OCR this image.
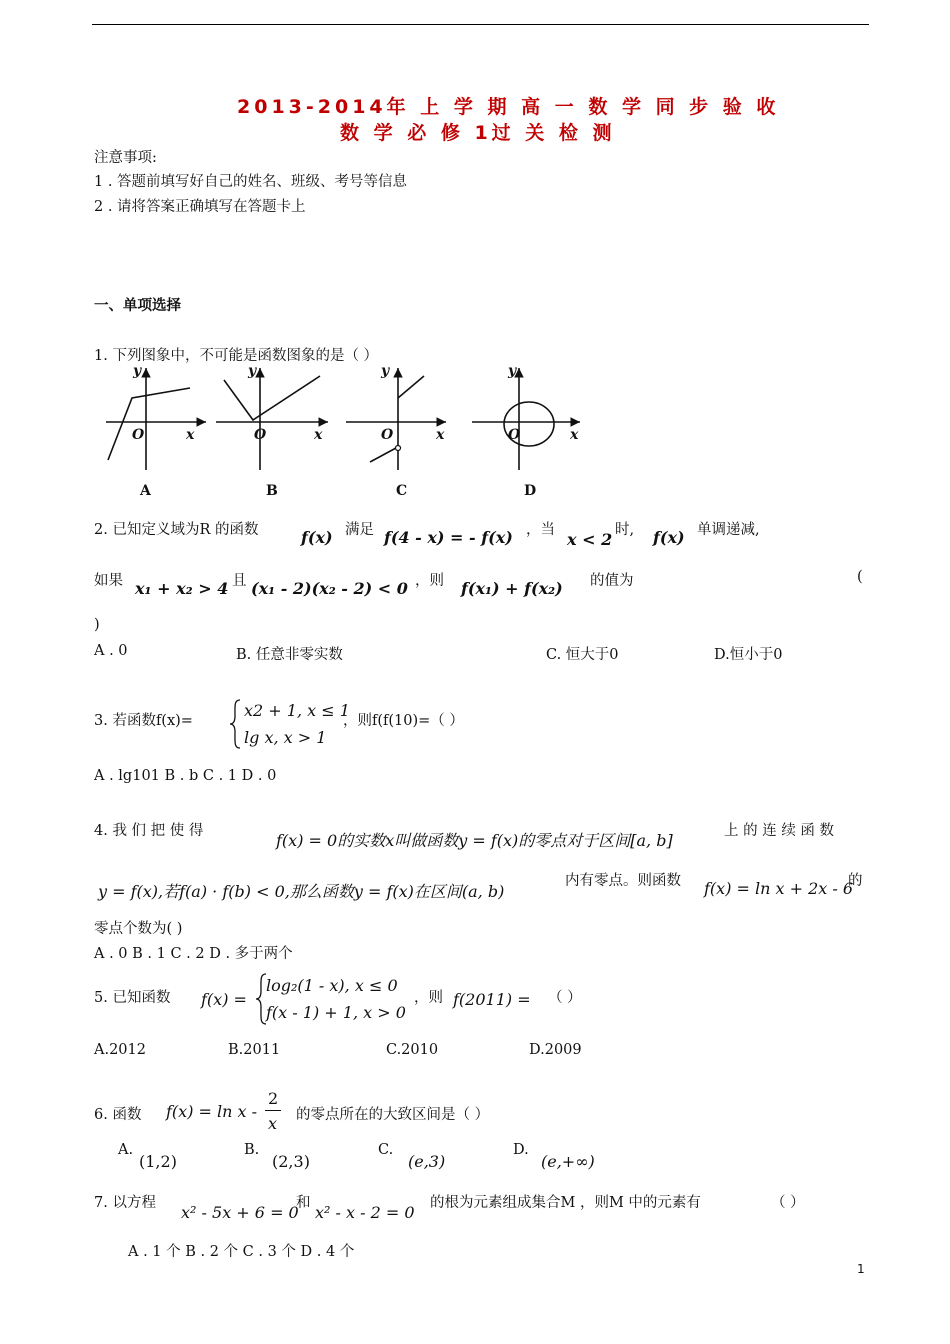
2013-2014年 上 学 期 高 一 数 学 同 步 验 收
数 学 必 修 1过 关 检 测
注意事项:
1 . 答题前填写好自己的姓名、班级、考号等信息
2 . 请将答案正确填写在答题卡上
一、单项选择
1. 下列图象中，不可能是函数图象的是（ ）
y
x
O
y
x
O
y
x
O
y
x
O
A	B	C	D
2. 已知定义域为R 的函数	f(x) 满足 f(4 - x) = - f(x) ，当 x < 2 时, f(x) 单调递减,
如果 x₁ + x₂ > 4 且 (x₁ - 2)(x₂ - 2) < 0 ，则 f(x₁) + f(x₂) 的值为	(
)
A . 0	B. 任意非零实数	C. 恒大于0	D.恒小于0
3. 若函数f(x)=
x2 + 1, x ≤ 1
lg x, x > 1
，则f(f(10)=（ ）
A . lg101 B . b C . 1 D . 0
4. 我 们 把 使 得	f(x) = 0的实数x叫做函数y = f(x)的零点对于区间[a, b]	上 的 连 续 函 数
y = f(x),若f(a) · f(b) < 0,那么函数y = f(x)在区间(a, b)
内有零点。则函数 f(x) = ln x + 2x - 6
的
零点个数为( )
A . 0 B . 1 C . 2 D . 多于两个
5. 已知函数 f(x) =
log₂(1 - x), x ≤ 0
f(x - 1) + 1, x > 0
，则 f(2011) = （ ）
A.2012	B.2011	C.2010	D.2009
6. 函数 f(x) = ln x -
2
x 的零点所在的大致区间是（ ）
A.
(1,2)
B.
(2,3)
C.
(e,3)
D.
(e,+∞)
7. 以方程 x² - 5x + 6 = 0
和 x² - x - 2 = 0 的根为元素组成集合M ，则M 中的元素有	（ ）
A . 1 个 B . 2 个 C . 3 个 D . 4 个
1
